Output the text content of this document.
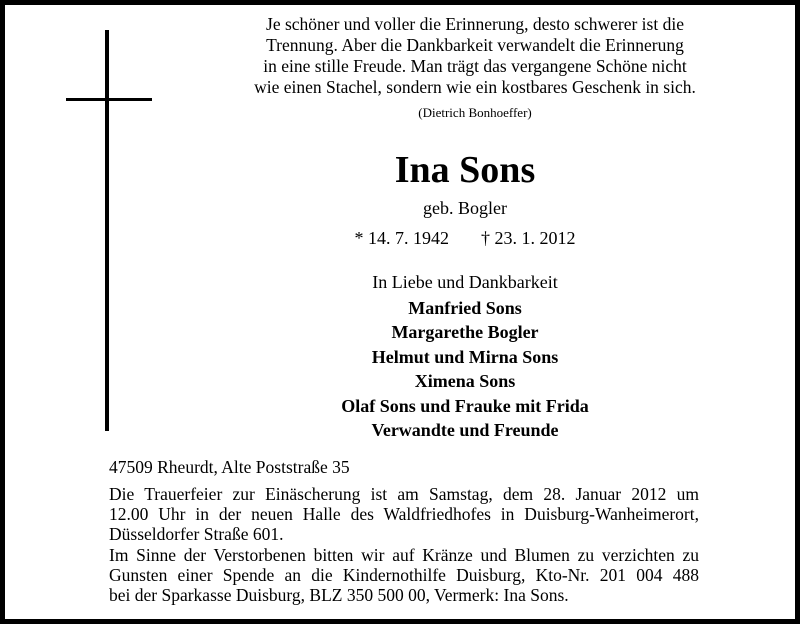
Je schöner und voller die Erinnerung, desto schwerer ist die
Trennung. Aber die Dankbarkeit verwandelt die Erinnerung
in eine stille Freude. Man trägt das vergangene Schöne nicht
wie einen Stachel, sondern wie ein kostbares Geschenk in sich.
(Dietrich Bonhoeffer)
Ina Sons
geb. Bogler
* 14. 7. 1942 † 23. 1. 2012
In Liebe und Dankbarkeit
Manfried Sons
Margarethe Bogler
Helmut und Mirna Sons
Ximena Sons
Olaf Sons und Frauke mit Frida
Verwandte und Freunde
47509 Rheurdt, Alte Poststraße 35
Die Trauerfeier zur Einäscherung ist am Samstag, dem 28. Januar 2012 um
12.00 Uhr in der neuen Halle des Waldfriedhofes in Duisburg-Wanheimerort,
Düsseldorfer Straße 601.
Im Sinne der Verstorbenen bitten wir auf Kränze und Blumen zu verzichten zu
Gunsten einer Spende an die Kindernothilfe Duisburg, Kto-Nr. 201 004 488
bei der Sparkasse Duisburg, BLZ 350 500 00, Vermerk: Ina Sons.
